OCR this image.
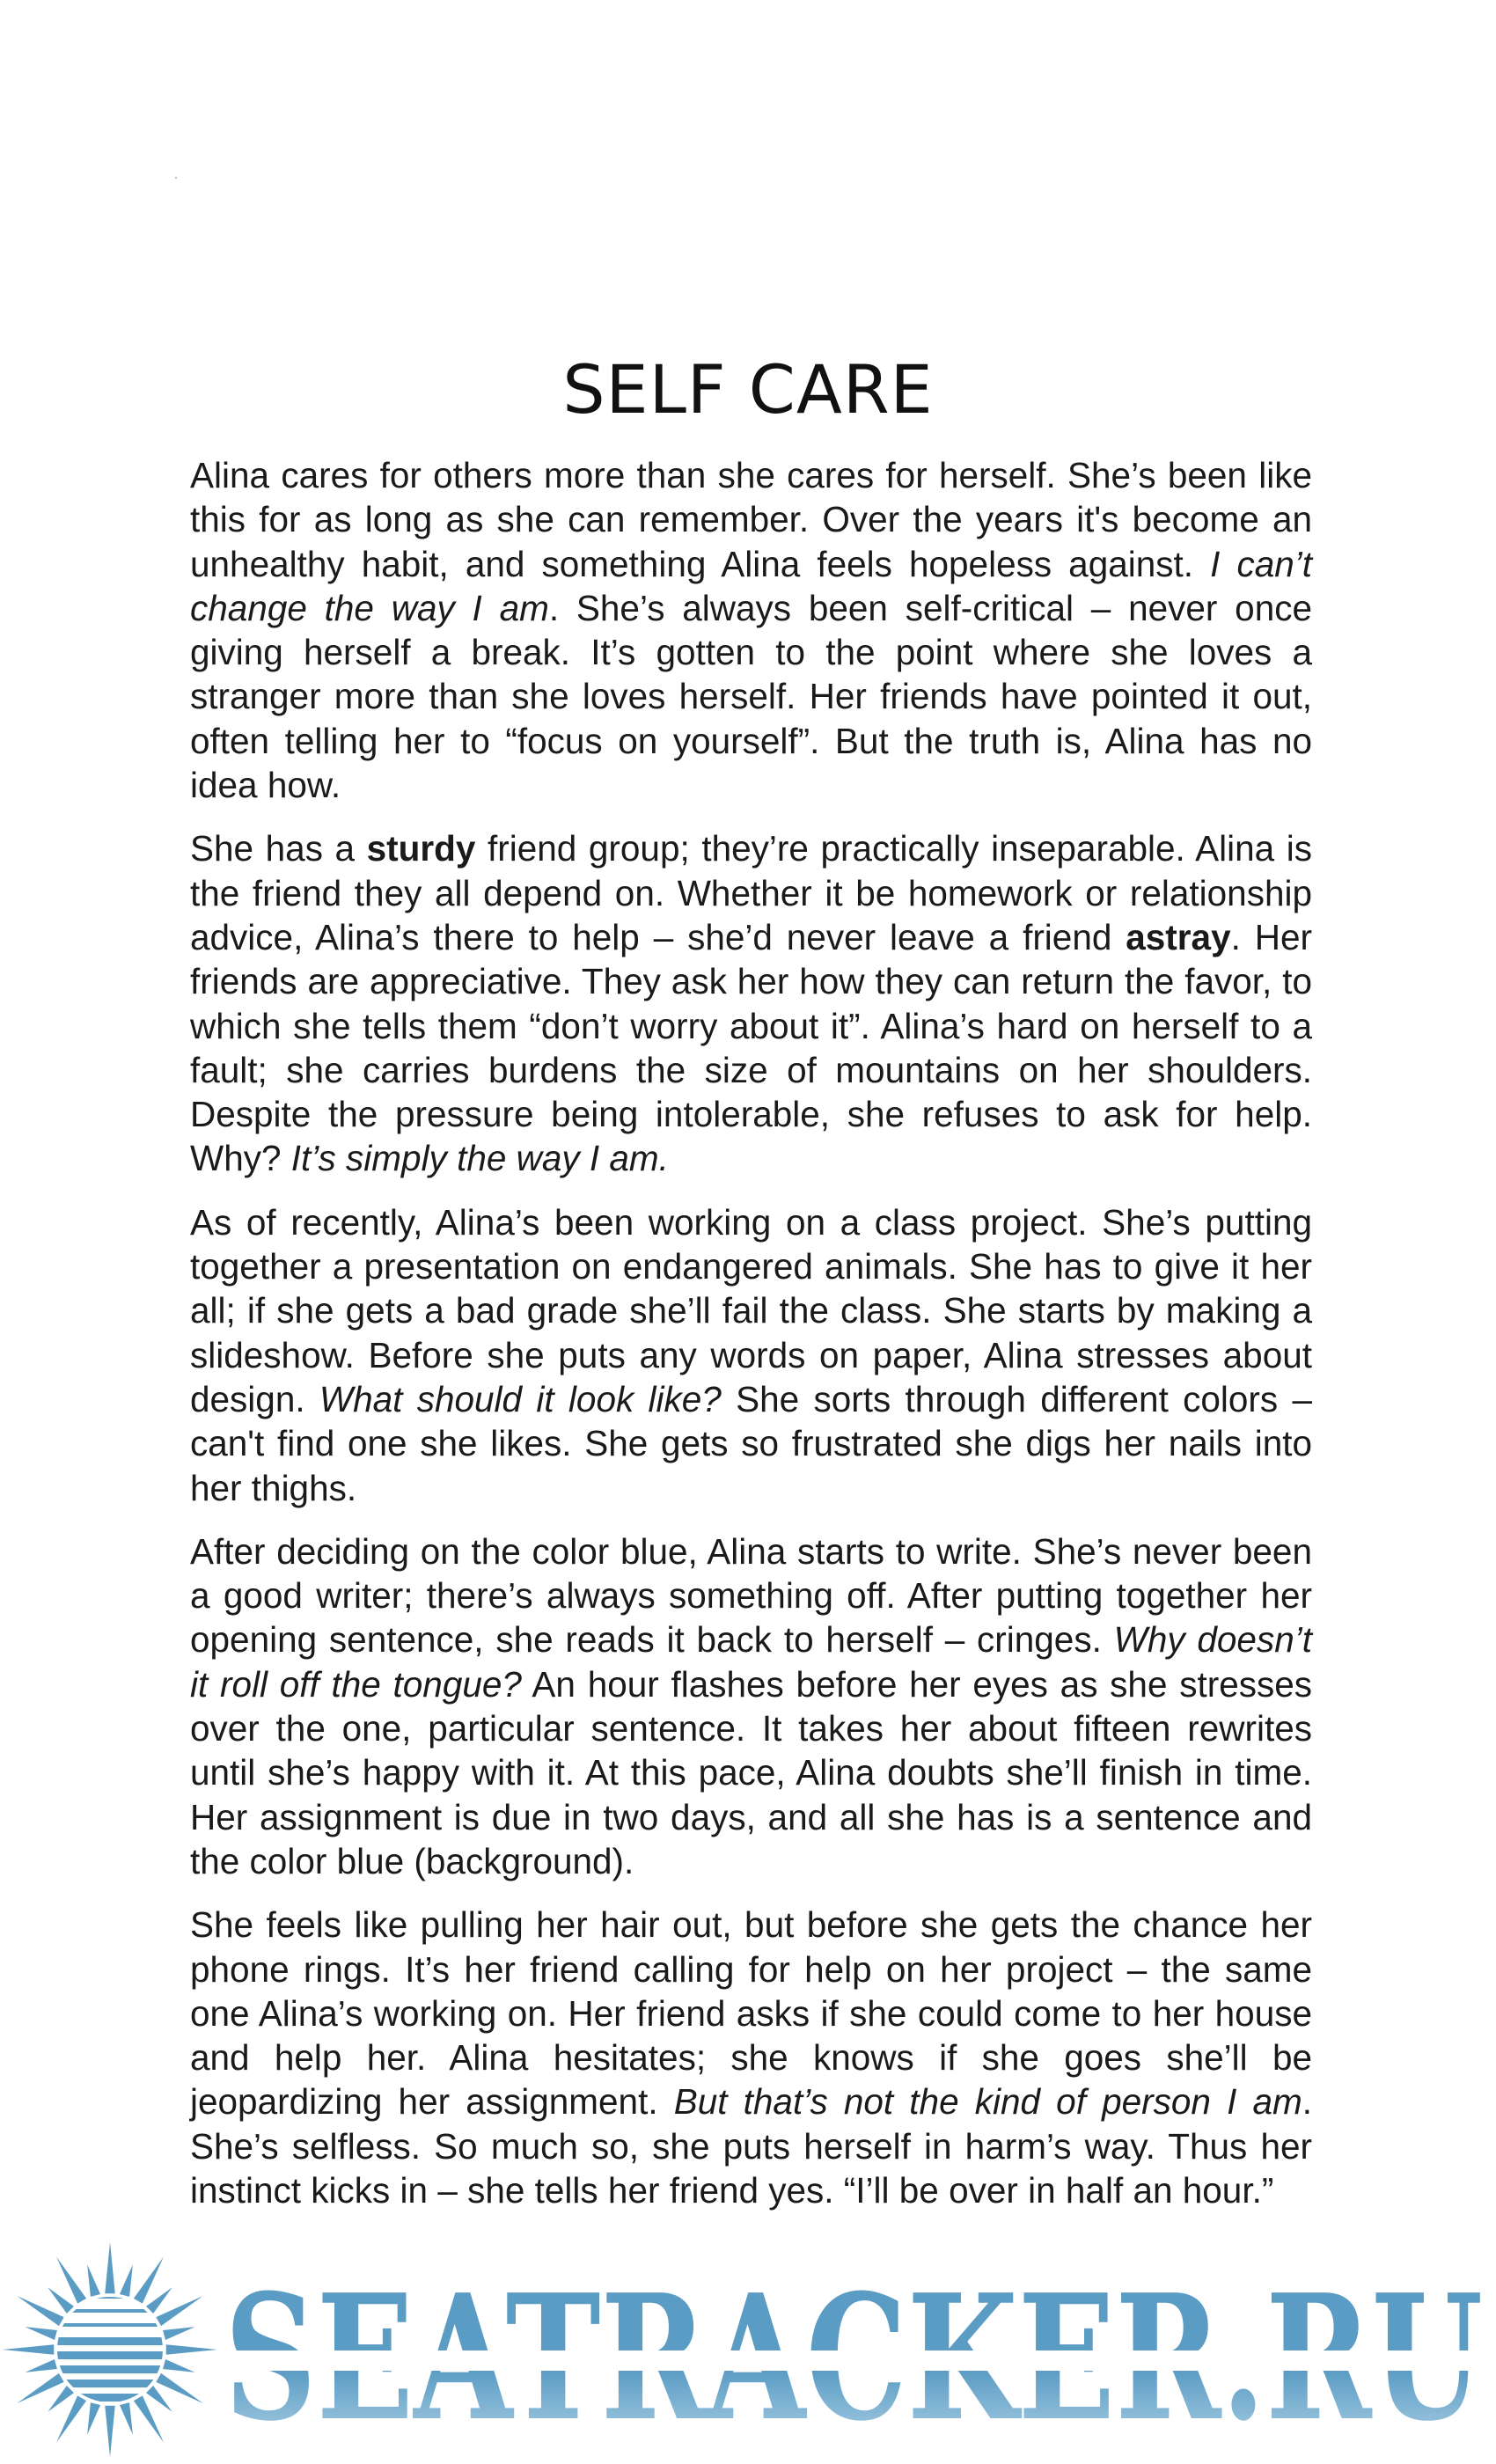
SELF CARE

Alina cares for others more than she cares for herself. She’s been like this for as long as she can remember. Over the years it's become an unhealthy habit, and something Alina feels hopeless against. I can’t change the way I am. She’s always been self-critical – never once giving herself a break. It’s gotten to the point where she loves a stranger more than she loves herself. Her friends have pointed it out, often telling her to “focus on yourself”. But the truth is, Alina has no idea how.

She has a sturdy friend group; they’re practically inseparable. Alina is the friend they all depend on. Whether it be homework or relationship advice, Alina’s there to help – she’d never leave a friend astray. Her friends are appreciative. They ask her how they can return the favor, to which she tells them “don’t worry about it”. Alina’s hard on herself to a fault; she carries burdens the size of mountains on her shoulders. Despite the pressure being intolerable, she refuses to ask for help. Why? It’s simply the way I am.

As of recently, Alina’s been working on a class project. She’s putting together a presentation on endangered animals. She has to give it her all; if she gets a bad grade she’ll fail the class. She starts by making a slideshow. Before she puts any words on paper, Alina stresses about design. What should it look like? She sorts through different colors – can't find one she likes. She gets so frustrated she digs her nails into her thighs.

After deciding on the color blue, Alina starts to write. She’s never been a good writer; there’s always something off. After putting together her opening sentence, she reads it back to herself – cringes. Why doesn’t it roll off the tongue? An hour flashes before her eyes as she stresses over the one, particular sentence. It takes her about fifteen rewrites until she’s happy with it. At this pace, Alina doubts she’ll finish in time. Her assignment is due in two days, and all she has is a sentence and the color blue (background).

She feels like pulling her hair out, but before she gets the chance her phone rings. It’s her friend calling for help on her project – the same one Alina’s working on. Her friend asks if she could come to her house and help her. Alina hesitates; she knows if she goes she’ll be jeopardizing her assignment. But that’s not the kind of person I am. She’s selfless. So much so, she puts herself in harm’s way. Thus her instinct kicks in – she tells her friend yes. “I’ll be over in half an hour.”

SEATRACKER.RU
